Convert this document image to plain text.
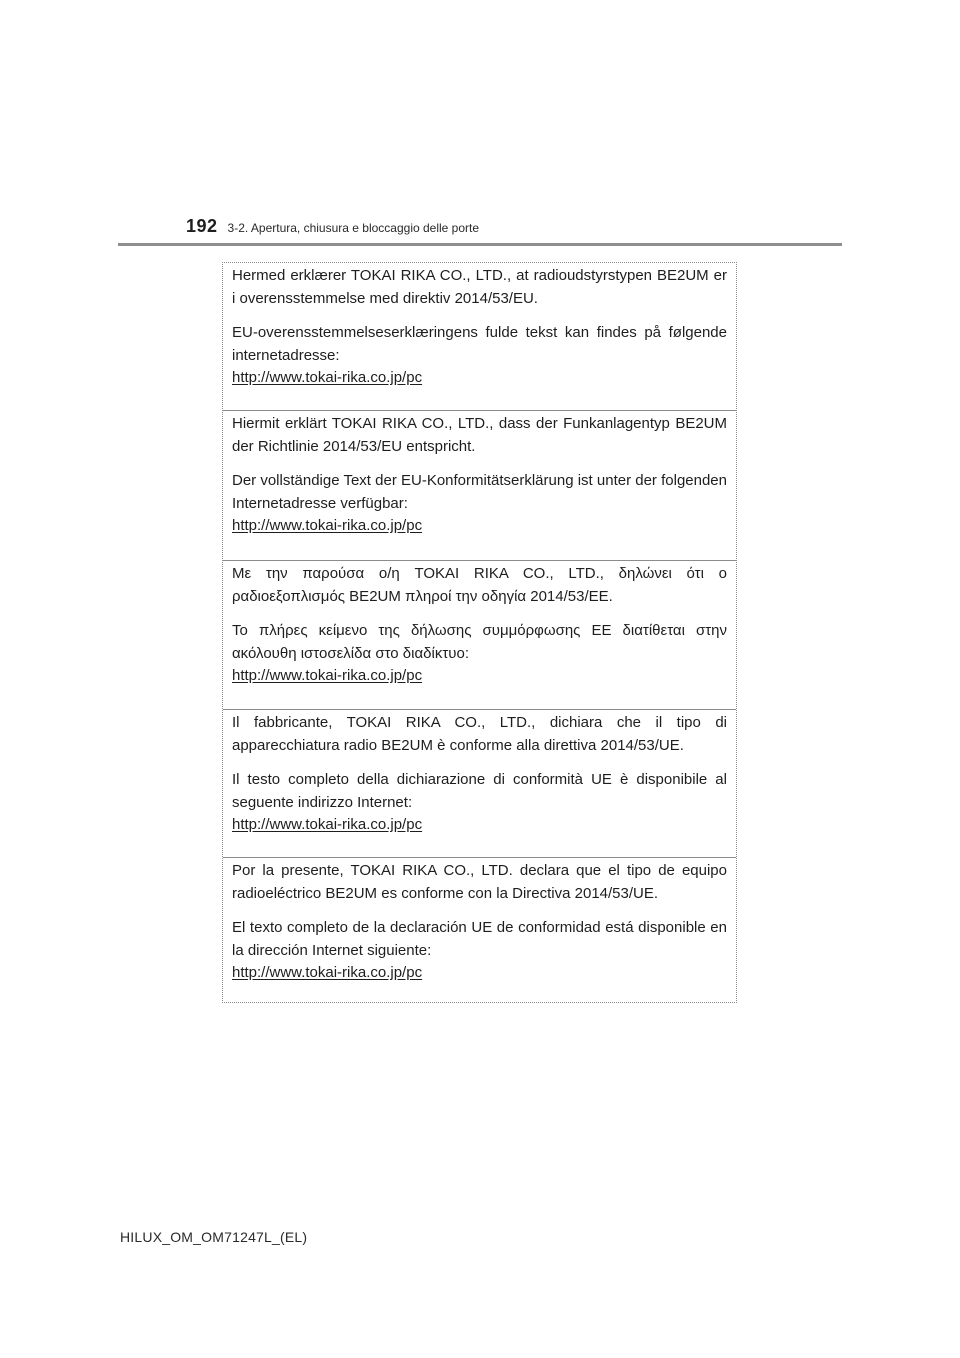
192 3-2. Apertura, chiusura e bloccaggio delle porte

Hermed erklærer TOKAI RIKA CO., LTD., at radioudstyrstypen BE2UM er i overensstemmelse med direktiv 2014/53/EU.

EU-overensstemmelseserklæringens fulde tekst kan findes på følgende internetadresse:

http://www.tokai-rika.co.jp/pc

Hiermit erklärt TOKAI RIKA CO., LTD., dass der Funkanlagentyp BE2UM der Richtlinie 2014/53/EU entspricht.

Der vollständige Text der EU-Konformitätserklärung ist unter der folgenden Internetadresse verfügbar:

http://www.tokai-rika.co.jp/pc

Με την παρούσα ο/η TOKAI RIKA CO., LTD., δηλώνει ότι ο ραδιοεξοπλισμός BE2UM πληροί την οδηγία 2014/53/ΕΕ.

Το πλήρες κείμενο της δήλωσης συμμόρφωσης ΕΕ διατίθεται στην ακόλουθη ιστοσελίδα στο διαδίκτυο:

http://www.tokai-rika.co.jp/pc

Il fabbricante, TOKAI RIKA CO., LTD., dichiara che il tipo di apparecchiatura radio BE2UM è conforme alla direttiva 2014/53/UE.

Il testo completo della dichiarazione di conformità UE è disponibile al seguente indirizzo Internet:

http://www.tokai-rika.co.jp/pc

Por la presente, TOKAI RIKA CO., LTD. declara que el tipo de equipo radioeléctrico BE2UM es conforme con la Directiva 2014/53/UE.

El texto completo de la declaración UE de conformidad está disponible en la dirección Internet siguiente:

http://www.tokai-rika.co.jp/pc
HILUX_OM_OM71247L_(EL)
